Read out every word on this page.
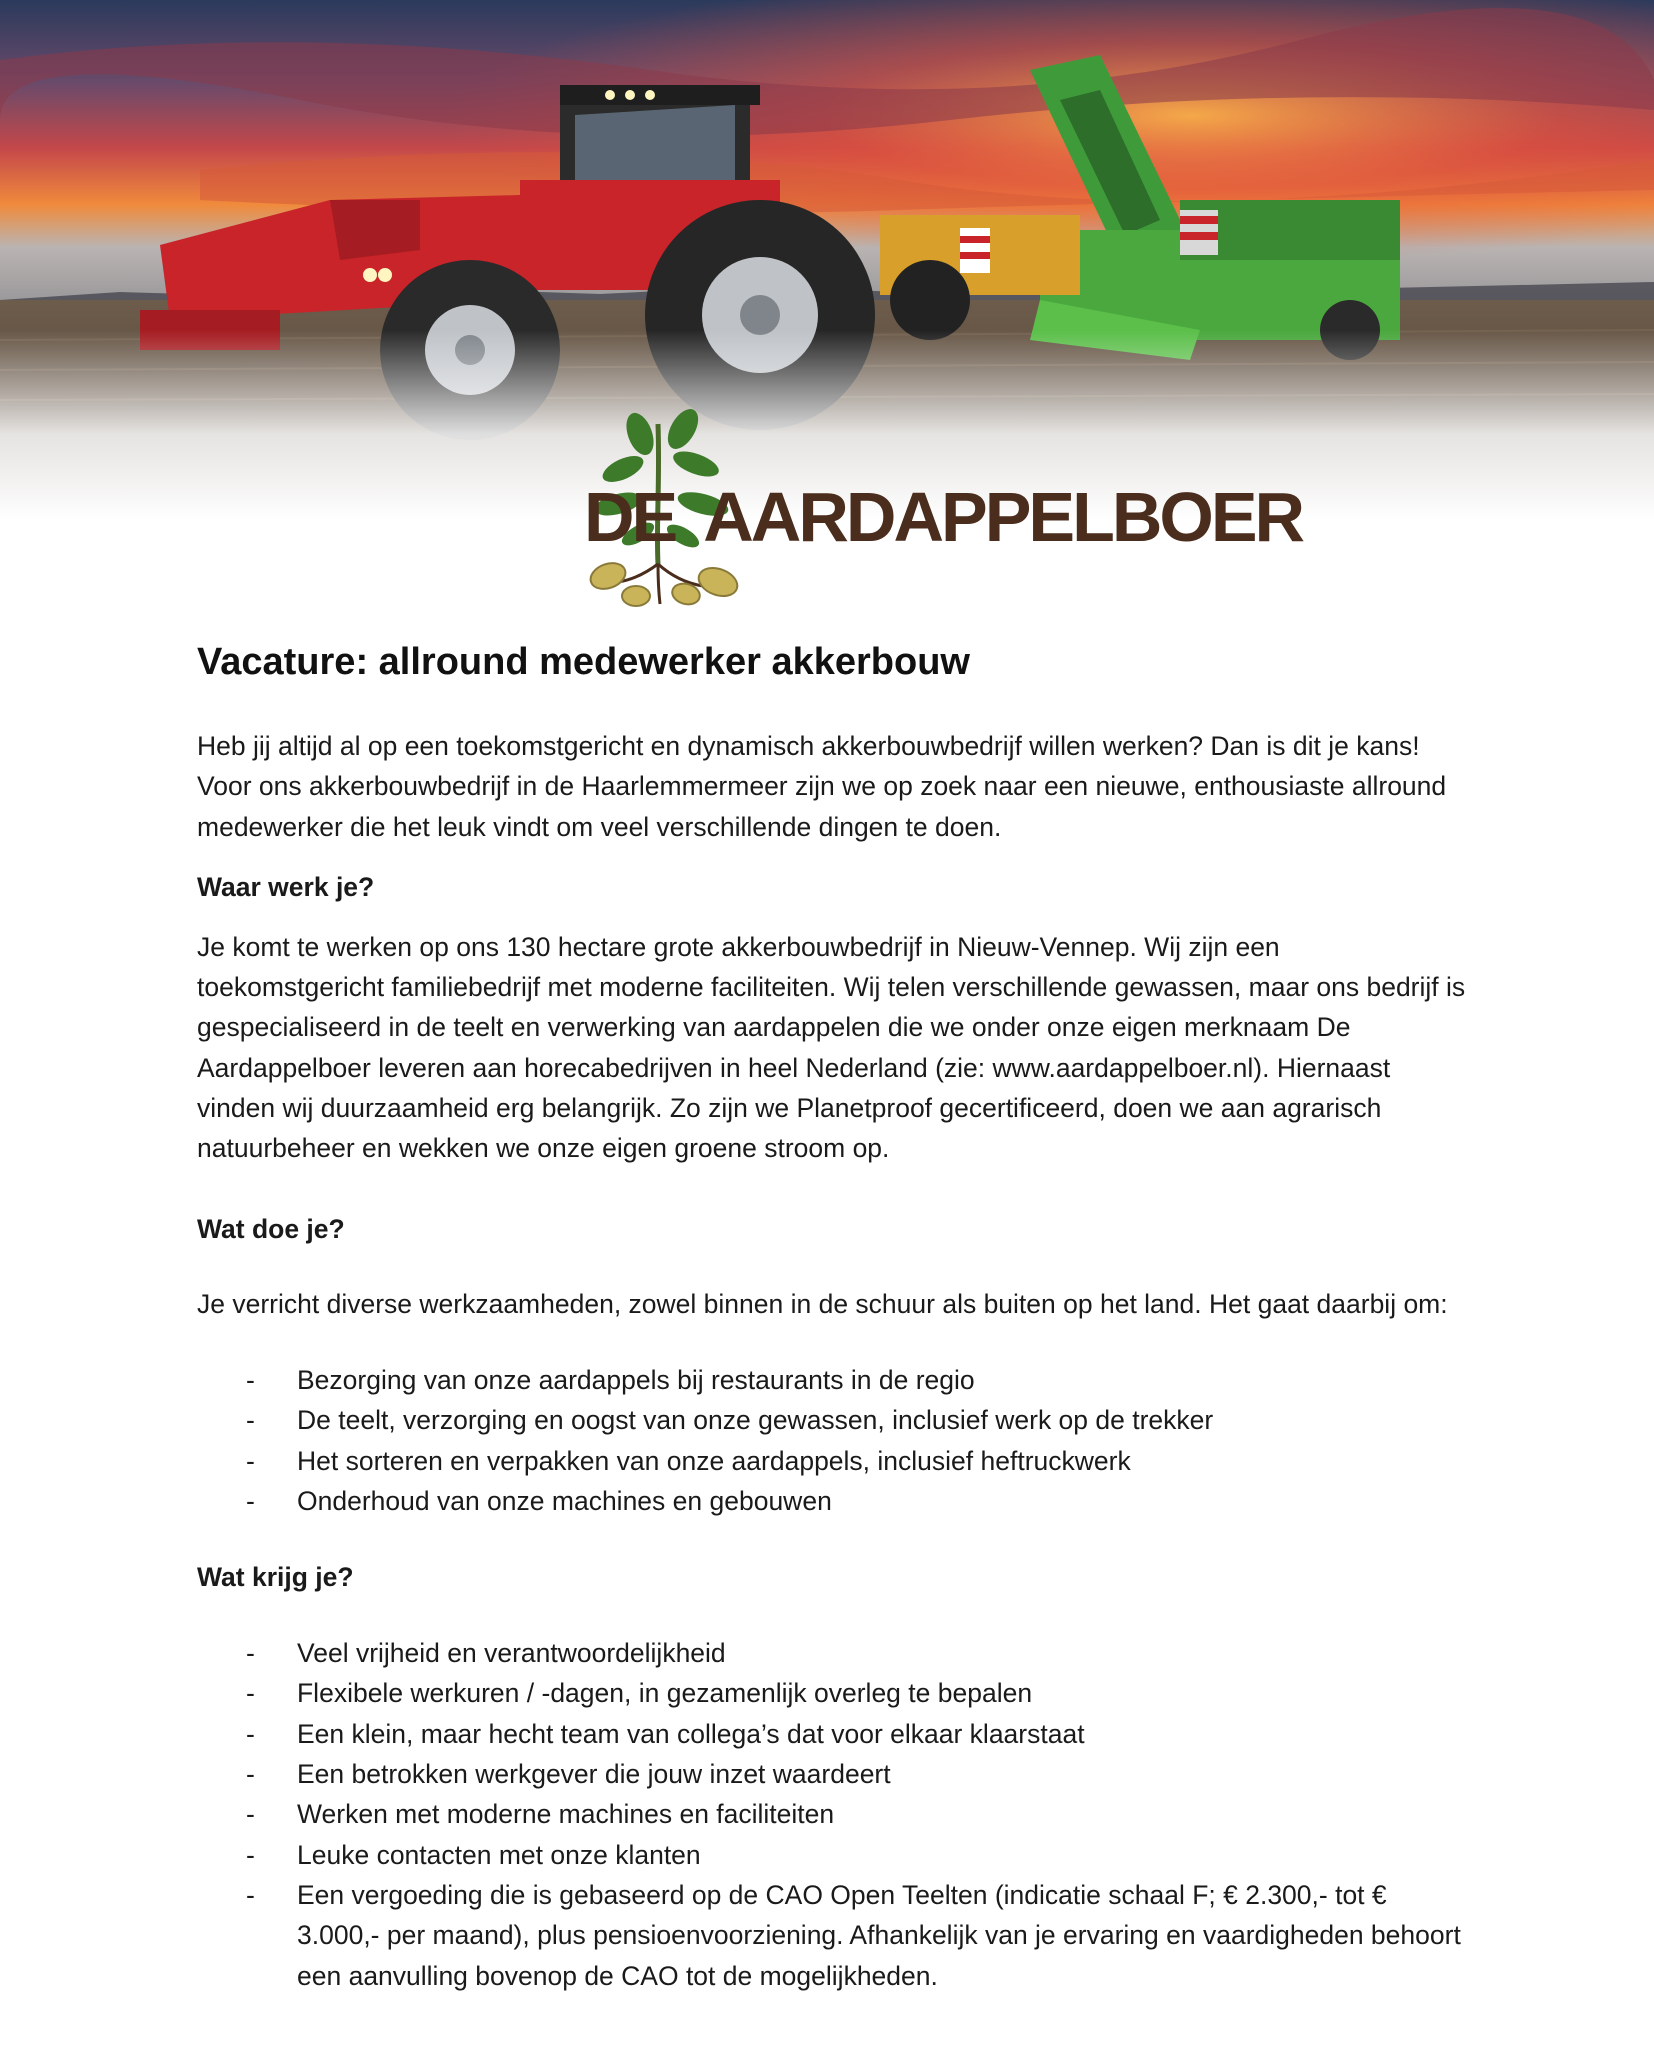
DE AARDAPPELBOER
Vacature: allround medewerker akkerbouw

Heb jij altijd al op een toekomstgericht en dynamisch akkerbouwbedrijf willen werken? Dan is dit je kans! Voor ons akkerbouwbedrijf in de Haarlemmermeer zijn we op zoek naar een nieuwe, enthousiaste allround medewerker die het leuk vindt om veel verschillende dingen te doen.

Waar werk je?

Je komt te werken op ons 130 hectare grote akkerbouwbedrijf in Nieuw-Vennep. Wij zijn een toekomstgericht familiebedrijf met moderne faciliteiten. Wij telen verschillende gewassen, maar ons bedrijf is gespecialiseerd in de teelt en verwerking van aardappelen die we onder onze eigen merknaam De Aardappelboer leveren aan horecabedrijven in heel Nederland (zie: www.aardappelboer.nl). Hiernaast vinden wij duurzaamheid erg belangrijk. Zo zijn we Planetproof gecertificeerd, doen we aan agrarisch natuurbeheer en wekken we onze eigen groene stroom op.

Wat doe je?

Je verricht diverse werkzaamheden, zowel binnen in de schuur als buiten op het land. Het gaat daarbij om:

- Bezorging van onze aardappels bij restaurants in de regio
- De teelt, verzorging en oogst van onze gewassen, inclusief werk op de trekker
- Het sorteren en verpakken van onze aardappels, inclusief heftruckwerk
- Onderhoud van onze machines en gebouwen
Wat krijg je?
- Veel vrijheid en verantwoordelijkheid
- Flexibele werkuren / -dagen, in gezamenlijk overleg te bepalen
- Een klein, maar hecht team van collega’s dat voor elkaar klaarstaat
- Een betrokken werkgever die jouw inzet waardeert
- Werken met moderne machines en faciliteiten
- Leuke contacten met onze klanten
- Een vergoeding die is gebaseerd op de CAO Open Teelten (indicatie schaal F; € 2.300,- tot € 3.000,- per maand), plus pensioenvoorziening. Afhankelijk van je ervaring en vaardigheden behoort een aanvulling bovenop de CAO tot de mogelijkheden.
